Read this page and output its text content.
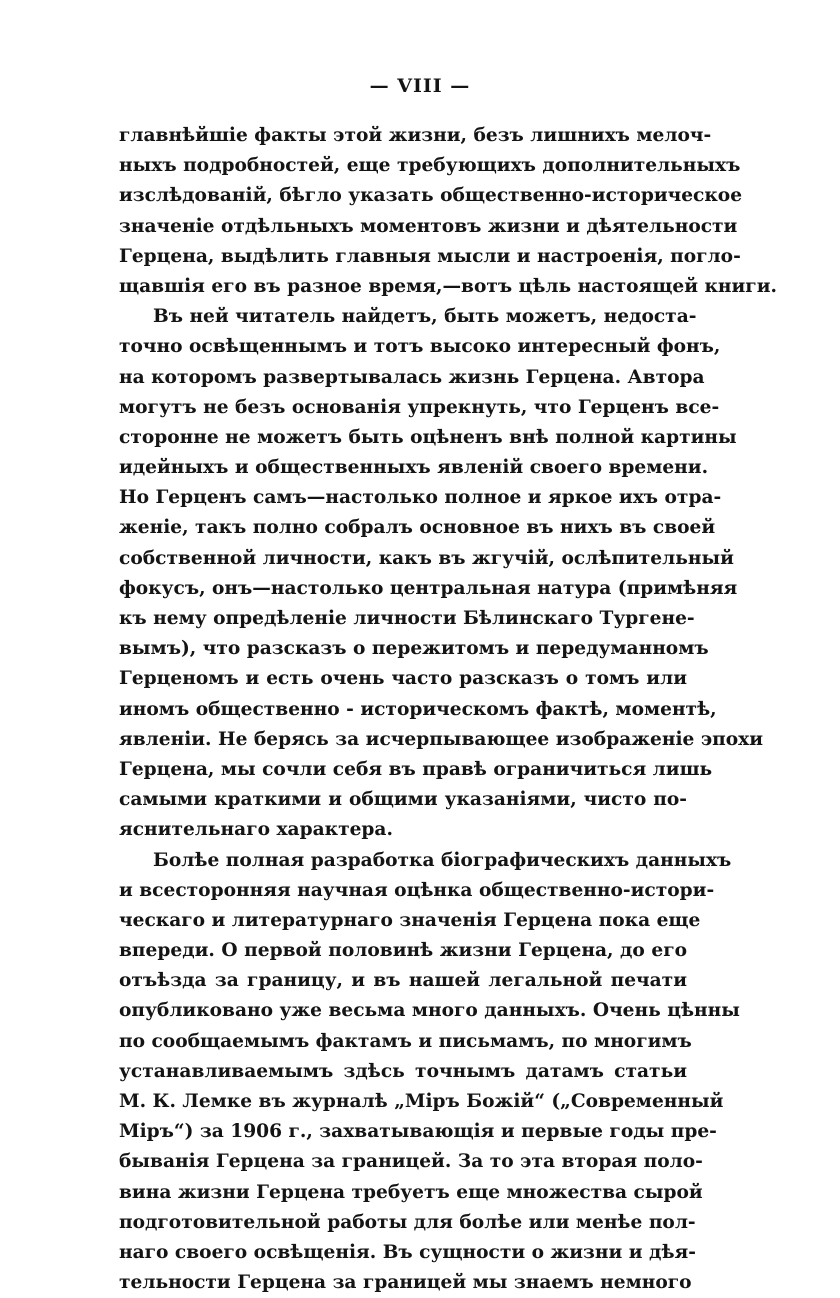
— VIII —
главнѣйшіе факты этой жизни, безъ лишнихъ мелоч-
ныхъ подробностей, еще требующихъ дополнительныхъ
изслѣдованій, бѣгло указать общественно-историческое
значеніе отдѣльныхъ моментовъ жизни и дѣятельности
Герцена, выдѣлить главныя мысли и настроенія, погло-
щавшія его въ разное время,—вотъ цѣль настоящей книги.
Въ ней читатель найдетъ, быть можетъ, недоста-
точно освѣщеннымъ и тотъ высоко интересный фонъ,
на которомъ развертывалась жизнь Герцена. Автора
могутъ не безъ основанія упрекнуть, что Герценъ все-
сторонне не можетъ быть оцѣненъ внѣ полной картины
идейныхъ и общественныхъ явленій своего времени.
Но Герценъ самъ—настолько полное и яркое ихъ отра-
женіе, такъ полно собралъ основное въ нихъ въ своей
собственной личности, какъ въ жгучій, ослѣпительный
фокусъ, онъ—настолько центральная натура (примѣняя
къ нему опредѣленіе личности Бѣлинскаго Тургене-
вымъ), что разсказъ о пережитомъ и передуманномъ
Герценомъ и есть очень часто разсказъ о томъ или
иномъ общественно - историческомъ фактѣ, моментѣ,
явленіи. Не берясь за исчерпывающее изображеніе эпохи
Герцена, мы сочли себя въ правѣ ограничиться лишь
самыми краткими и общими указаніями, чисто по-
яснительнаго характера.
Болѣе полная разработка біографическихъ данныхъ
и всесторонняя научная оцѣнка общественно-истори-
ческаго и литературнаго значенія Герцена пока еще
впереди. О первой половинѣ жизни Герцена, до его
отъѣзда за границу, и въ нашей легальной печати
опубликовано уже весьма много данныхъ. Очень цѣнны
по сообщаемымъ фактамъ и письмамъ, по многимъ
устанавливаемымъ здѣсь точнымъ датамъ статьи
М. К. Лемке въ журналѣ „Міръ Божій“ („Современный
Міръ“) за 1906 г., захватывающія и первые годы пре-
быванія Герцена за границей. За то эта вторая поло-
вина жизни Герцена требуетъ еще множества сырой
подготовительной работы для болѣе или менѣе пол-
наго своего освѣщенія. Въ сущности о жизни и дѣя-
тельности Герцена за границей мы знаемъ немного
